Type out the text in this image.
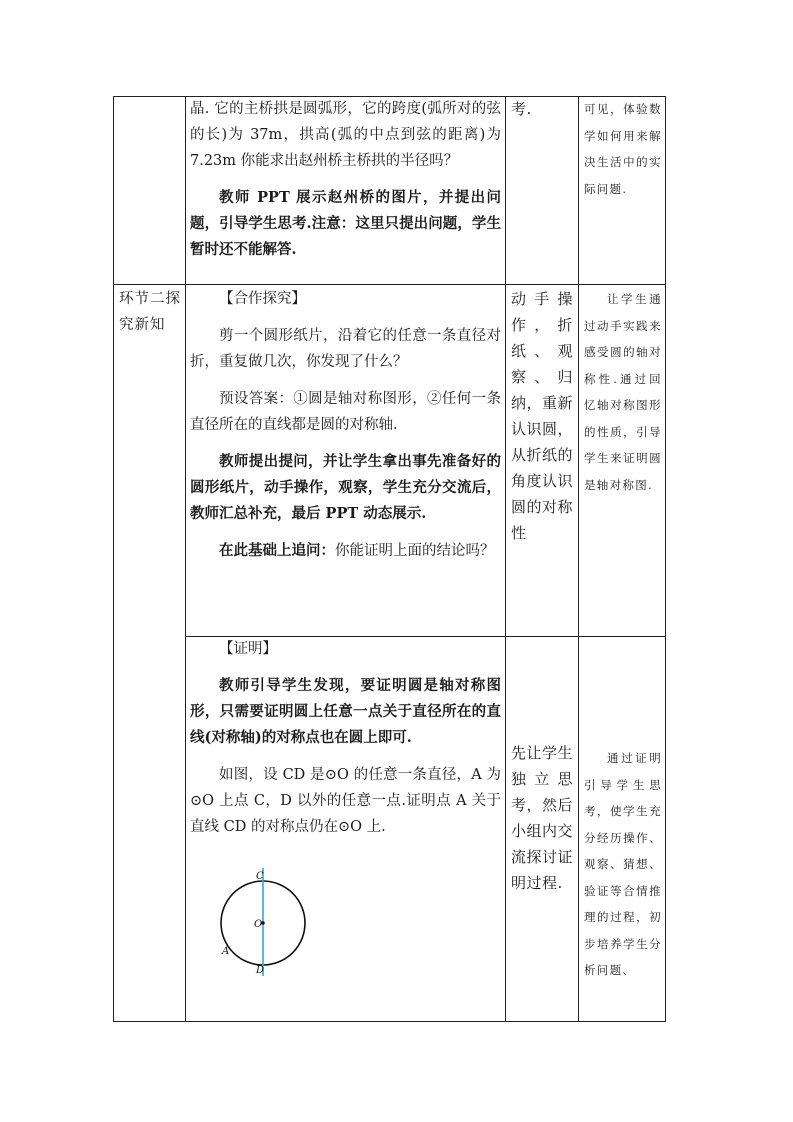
晶. 它的主桥拱是圆弧形，它的跨度(弧所对的弦的长)为 37m，拱高(弧的中点到弦的距离)为 7.23m 你能求出赵州桥主桥拱的半径吗？

教师 PPT 展示赵州桥的图片，并提出问题，引导学生思考.注意：这里只提出问题，学生暂时还不能解答.

考.	可见，体验数学如何用来解决生活中的实际问题.

环节二探究新知

【合作探究】

剪一个圆形纸片，沿着它的任意一条直径对折，重复做几次，你发现了什么？

预设答案：①圆是轴对称图形，②任何一条直径所在的直线都是圆的对称轴.

教师提出提问，并让学生拿出事先准备好的圆形纸片，动手操作，观察，学生充分交流后，教师汇总补充，最后 PPT 动态展示.

在此基础上追问：你能证明上面的结论吗？

动手操作，折纸、观察、归纳，重新认识圆，从折纸的角度认识圆的对称性

让学生通过动手实践来感受圆的轴对称性.通过回忆轴对称图形的性质，引导学生来证明圆是轴对称图.

【证明】

教师引导学生发现，要证明圆是轴对称图形，只需要证明圆上任意一点关于直径所在的直线(对称轴)的对称点也在圆上即可.

如图，设 CD 是⊙O 的任意一条直径，A 为⊙O 上点 C，D 以外的任意一点.证明点 A 关于直线 CD 的对称点仍在⊙O 上.

C
O
A
D

先让学生独立思考，然后小组内交流探讨证明过程.

通过证明引导学生思考，使学生充分经历操作、观察、猜想、验证等合情推理的过程，初步培养学生分析问题、
